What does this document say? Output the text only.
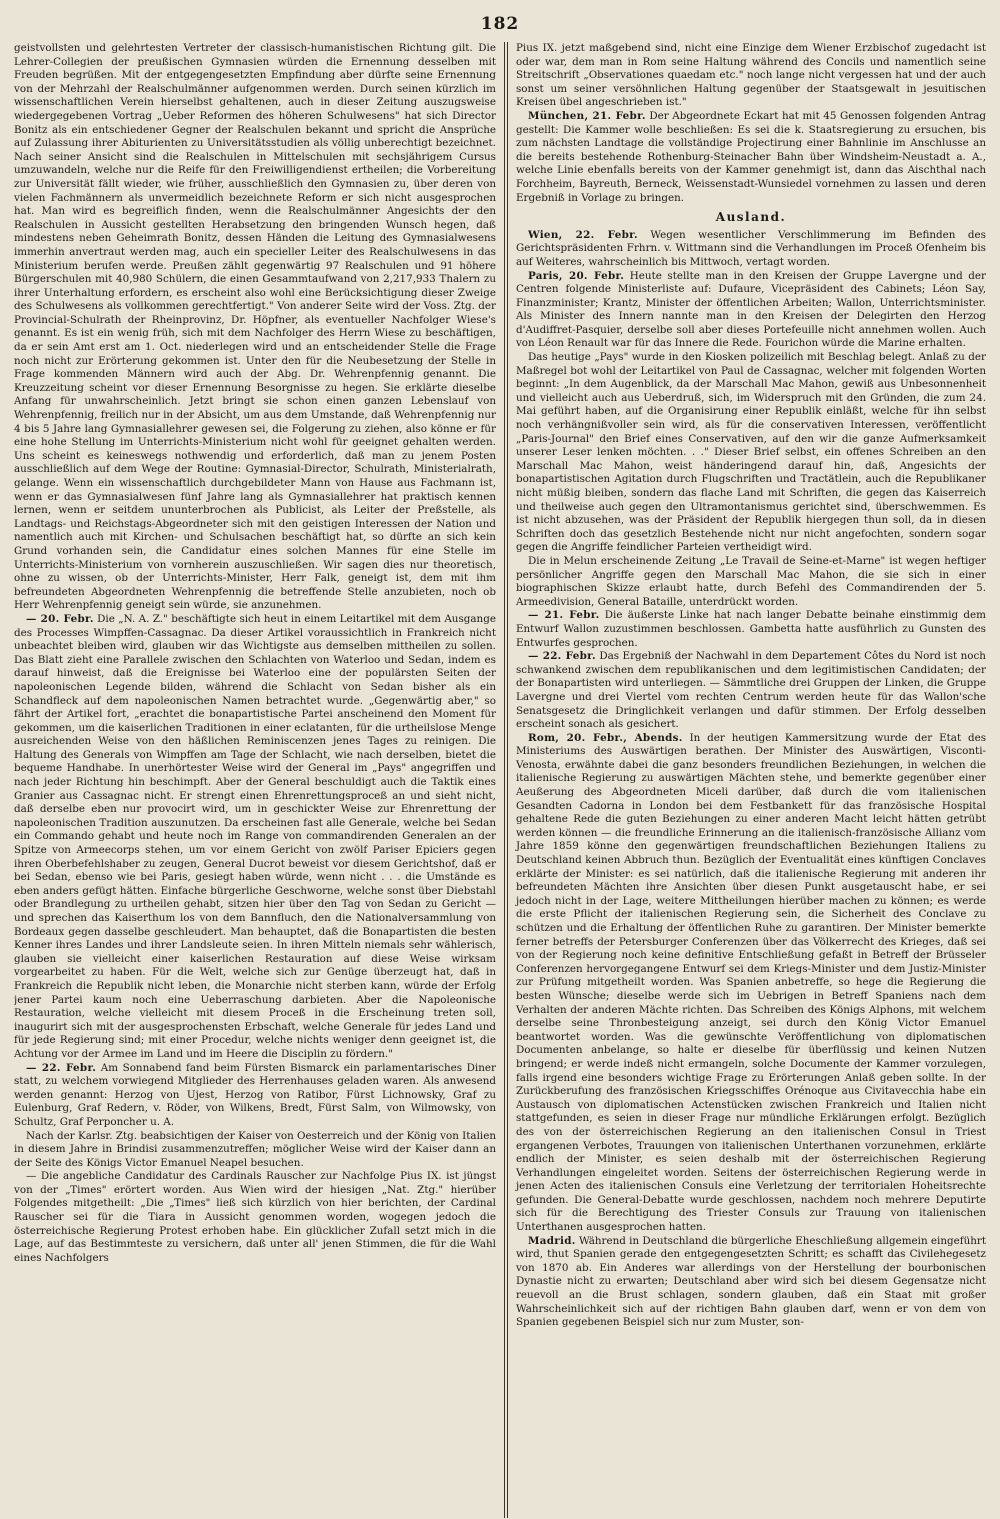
182

geistvollsten und gelehrtesten Vertreter der classisch-humanistischen Richtung gilt. Die Lehrer-Collegien der preußischen Gymnasien würden die Ernennung desselben mit Freuden begrüßen. Mit der entgegengesetzten Empfindung aber dürfte seine Ernennung von der Mehrzahl der Realschulmänner aufgenommen werden. Durch seinen kürzlich im wissenschaftlichen Verein hierselbst gehaltenen, auch in dieser Zeitung auszugsweise wiedergegebenen Vortrag „Ueber Reformen des höheren Schulwesens" hat sich Director Bonitz als ein entschiedener Gegner der Realschulen bekannt und spricht die Ansprüche auf Zulassung ihrer Abiturienten zu Universitätsstudien als völlig unberechtigt bezeichnet. Nach seiner Ansicht sind die Realschulen in Mittelschulen mit sechsjährigem Cursus umzuwandeln, welche nur die Reife für den Freiwilligendienst ertheilen; die Vorbereitung zur Universität fällt wieder, wie früher, ausschließlich den Gymnasien zu, über deren von vielen Fachmännern als unvermeidlich bezeichnete Reform er sich nicht ausgesprochen hat. Man wird es begreiflich finden, wenn die Realschulmänner Angesichts der den Realschulen in Aussicht gestellten Herabsetzung den bringenden Wunsch hegen, daß mindestens neben Geheimrath Bonitz, dessen Händen die Leitung des Gymnasialwesens immerhin anvertraut werden mag, auch ein specieller Leiter des Realschulwesens in das Ministerium berufen werde. Preußen zählt gegenwärtig 97 Realschulen und 91 höhere Bürgerschulen mit 40,980 Schülern, die einen Gesammtaufwand von 2,217,933 Thalern zu ihrer Unterhaltung erfordern, es erscheint also wohl eine Berücksichtigung dieser Zweige des Schulwesens als vollkommen gerechtfertigt." Von anderer Seite wird der Voss. Ztg. der Provincial-Schulrath der Rheinprovinz, Dr. Höpfner, als eventueller Nachfolger Wiese's genannt. Es ist ein wenig früh, sich mit dem Nachfolger des Herrn Wiese zu beschäftigen, da er sein Amt erst am 1. Oct. niederlegen wird und an entscheidender Stelle die Frage noch nicht zur Erörterung gekommen ist. Unter den für die Neubesetzung der Stelle in Frage kommenden Männern wird auch der Abg. Dr. Wehrenpfennig genannt. Die Kreuzzeitung scheint vor dieser Ernennung Besorgnisse zu hegen. Sie erklärte dieselbe Anfang für unwahrscheinlich. Jetzt bringt sie schon einen ganzen Lebenslauf von Wehrenpfennig, freilich nur in der Absicht, um aus dem Umstande, daß Wehrenpfennig nur 4 bis 5 Jahre lang Gymnasiallehrer gewesen sei, die Folgerung zu ziehen, also könne er für eine hohe Stellung im Unterrichts-Ministerium nicht wohl für geeignet gehalten werden. Uns scheint es keineswegs nothwendig und erforderlich, daß man zu jenem Posten ausschließlich auf dem Wege der Routine: Gymnasial-Director, Schulrath, Ministerialrath, gelange. Wenn ein wissenschaftlich durchgebildeter Mann von Hause aus Fachmann ist, wenn er das Gymnasialwesen fünf Jahre lang als Gymnasiallehrer hat praktisch kennen lernen, wenn er seitdem ununterbrochen als Publicist, als Leiter der Preßstelle, als Landtags- und Reichstags-Abgeordneter sich mit den geistigen Interessen der Nation und namentlich auch mit Kirchen- und Schulsachen beschäftigt hat, so dürfte an sich kein Grund vorhanden sein, die Candidatur eines solchen Mannes für eine Stelle im Unterrichts-Ministerium von vornherein auszuschließen. Wir sagen dies nur theoretisch, ohne zu wissen, ob der Unterrichts-Minister, Herr Falk, geneigt ist, dem mit ihm befreundeten Abgeordneten Wehrenpfennig die betreffende Stelle anzubieten, noch ob Herr Wehrenpfennig geneigt sein würde, sie anzunehmen.

— 20. Febr. Die „N. A. Z." beschäftigte sich heut in einem Leitartikel mit dem Ausgange des Processes Wimpffen-Cassagnac. Da dieser Artikel voraussichtlich in Frankreich nicht unbeachtet bleiben wird, glauben wir das Wichtigste aus demselben mittheilen zu sollen. Das Blatt zieht eine Parallele zwischen den Schlachten von Waterloo und Sedan, indem es darauf hinweist, daß die Ereignisse bei Waterloo eine der populärsten Seiten der napoleonischen Legende bilden, während die Schlacht von Sedan bisher als ein Schandfleck auf dem napoleonischen Namen betrachtet wurde. „Gegenwärtig aber," so fährt der Artikel fort, „erachtet die bonapartistische Partei anscheinend den Moment für gekommen, um die kaiserlichen Traditionen in einer eclatanten, für die urtheilslose Menge ausreichenden Weise von den häßlichen Reminiscenzen jenes Tages zu reinigen. Die Haltung des Generals von Wimpffen am Tage der Schlacht, wie nach derselben, bietet die bequeme Handhabe. In unerhörtester Weise wird der General im „Pays" angegriffen und nach jeder Richtung hin beschimpft. Aber der General beschuldigt auch die Taktik eines Granier aus Cassagnac nicht. Er strengt einen Ehrenrettungsproceß an und sieht nicht, daß derselbe eben nur provocirt wird, um in geschickter Weise zur Ehrenrettung der napoleonischen Tradition auszunutzen. Da erscheinen fast alle Generale, welche bei Sedan ein Commando gehabt und heute noch im Range von commandirenden Generalen an der Spitze von Armeecorps stehen, um vor einem Gericht von zwölf Pariser Epiciers gegen ihren Oberbefehlshaber zu zeugen, General Ducrot beweist vor diesem Gerichtshof, daß er bei Sedan, ebenso wie bei Paris, gesiegt haben würde, wenn nicht . . . die Umstände es eben anders gefügt hätten. Einfache bürgerliche Geschworne, welche sonst über Diebstahl oder Brandlegung zu urtheilen gehabt, sitzen hier über den Tag von Sedan zu Gericht — und sprechen das Kaiserthum los von dem Bannfluch, den die Nationalversammlung von Bordeaux gegen dasselbe geschleudert. Man behauptet, daß die Bonapartisten die besten Kenner ihres Landes und ihrer Landsleute seien. In ihren Mitteln niemals sehr wählerisch, glauben sie vielleicht einer kaiserlichen Restauration auf diese Weise wirksam vorgearbeitet zu haben. Für die Welt, welche sich zur Genüge überzeugt hat, daß in Frankreich die Republik nicht leben, die Monarchie nicht sterben kann, würde der Erfolg jener Partei kaum noch eine Ueberraschung darbieten. Aber die Napoleonische Restauration, welche vielleicht mit diesem Proceß in die Erscheinung treten soll, inaugurirt sich mit der ausgesprochensten Erbschaft, welche Generale für jedes Land und für jede Regierung sind; mit einer Procedur, welche nichts weniger denn geeignet ist, die Achtung vor der Armee im Land und im Heere die Disciplin zu fördern."

— 22. Febr. Am Sonnabend fand beim Fürsten Bismarck ein parlamentarisches Diner statt, zu welchem vorwiegend Mitglieder des Herrenhauses geladen waren. Als anwesend werden genannt: Herzog von Ujest, Herzog von Ratibor, Fürst Lichnowsky, Graf zu Eulenburg, Graf Redern, v. Röder, von Wilkens, Bredt, Fürst Salm, von Wilmowsky, von Schultz, Graf Perponcher u. A.

Nach der Karlsr. Ztg. beabsichtigen der Kaiser von Oesterreich und der König von Italien in diesem Jahre in Brindisi zusammenzutreffen; möglicher Weise wird der Kaiser dann an der Seite des Königs Victor Emanuel Neapel besuchen.

— Die angebliche Candidatur des Cardinals Rauscher zur Nachfolge Pius IX. ist jüngst von der „Times" erörtert worden. Aus Wien wird der hiesigen „Nat. Ztg." hierüber Folgendes mitgetheilt: „Die „Times" ließ sich kürzlich von hier berichten, der Cardinal Rauscher sei für die Tiara in Aussicht genommen worden, wogegen jedoch die österreichische Regierung Protest erhoben habe. Ein glücklicher Zufall setzt mich in die Lage, auf das Bestimmteste zu versichern, daß unter all' jenen Stimmen, die für die Wahl eines Nachfolgers

Pius IX. jetzt maßgebend sind, nicht eine Einzige dem Wiener Erzbischof zugedacht ist oder war, dem man in Rom seine Haltung während des Concils und namentlich seine Streitschrift „Observationes quaedam etc." noch lange nicht vergessen hat und der auch sonst um seiner versöhnlichen Haltung gegenüber der Staatsgewalt in jesuitischen Kreisen übel angeschrieben ist."

München, 21. Febr. Der Abgeordnete Eckart hat mit 45 Genossen folgenden Antrag gestellt: Die Kammer wolle beschließen: Es sei die k. Staatsregierung zu ersuchen, bis zum nächsten Landtage die vollständige Projectirung einer Bahnlinie im Anschlusse an die bereits bestehende Rothenburg-Steinacher Bahn über Windsheim-Neustadt a. A., welche Linie ebenfalls bereits von der Kammer genehmigt ist, dann das Aischthal nach Forchheim, Bayreuth, Berneck, Weissenstadt-Wunsiedel vornehmen zu lassen und deren Ergebniß in Vorlage zu bringen.

Ausland.

Wien, 22. Febr. Wegen wesentlicher Verschlimmerung im Befinden des Gerichtspräsidenten Frhrn. v. Wittmann sind die Verhandlungen im Proceß Ofenheim bis auf Weiteres, wahrscheinlich bis Mittwoch, vertagt worden.

Paris, 20. Febr. Heute stellte man in den Kreisen der Gruppe Lavergne und der Centren folgende Ministerliste auf: Dufaure, Vicepräsident des Cabinets; Léon Say, Finanzminister; Krantz, Minister der öffentlichen Arbeiten; Wallon, Unterrichtsminister. Als Minister des Innern nannte man in den Kreisen der Delegirten den Herzog d'Audiffret-Pasquier, derselbe soll aber dieses Portefeuille nicht annehmen wollen. Auch von Léon Renault war für das Innere die Rede. Fourichon würde die Marine erhalten.

Das heutige „Pays" wurde in den Kiosken polizeilich mit Beschlag belegt. Anlaß zu der Maßregel bot wohl der Leitartikel von Paul de Cassagnac, welcher mit folgenden Worten beginnt: „In dem Augenblick, da der Marschall Mac Mahon, gewiß aus Unbesonnenheit und vielleicht auch aus Ueberdruß, sich, im Widerspruch mit den Gründen, die zum 24. Mai geführt haben, auf die Organisirung einer Republik einläßt, welche für ihn selbst noch verhängnißvoller sein wird, als für die conservativen Interessen, veröffentlicht „Paris-Journal" den Brief eines Conservativen, auf den wir die ganze Aufmerksamkeit unserer Leser lenken möchten. . ." Dieser Brief selbst, ein offenes Schreiben an den Marschall Mac Mahon, weist händeringend darauf hin, daß, Angesichts der bonapartistischen Agitation durch Flugschriften und Tractätlein, auch die Republikaner nicht müßig bleiben, sondern das flache Land mit Schriften, die gegen das Kaiserreich und theilweise auch gegen den Ultramontanismus gerichtet sind, überschwemmen. Es ist nicht abzusehen, was der Präsident der Republik hiergegen thun soll, da in diesen Schriften doch das gesetzlich Bestehende nicht nur nicht angefochten, sondern sogar gegen die Angriffe feindlicher Parteien vertheidigt wird.

Die in Melun erscheinende Zeitung „Le Travail de Seine-et-Marne" ist wegen heftiger persönlicher Angriffe gegen den Marschall Mac Mahon, die sie sich in einer biographischen Skizze erlaubt hatte, durch Befehl des Commandirenden der 5. Armeedivision, General Bataille, unterdrückt worden.

— 21. Febr. Die äußerste Linke hat nach langer Debatte beinahe einstimmig dem Entwurf Wallon zuzustimmen beschlossen. Gambetta hatte ausführlich zu Gunsten des Entwurfes gesprochen.

— 22. Febr. Das Ergebniß der Nachwahl in dem Departement Côtes du Nord ist noch schwankend zwischen dem republikanischen und dem legitimistischen Candidaten; der der Bonapartisten wird unterliegen. — Sämmtliche drei Gruppen der Linken, die Gruppe Lavergne und drei Viertel vom rechten Centrum werden heute für das Wallon'sche Senatsgesetz die Dringlichkeit verlangen und dafür stimmen. Der Erfolg desselben erscheint sonach als gesichert.

Rom, 20. Febr., Abends. In der heutigen Kammersitzung wurde der Etat des Ministeriums des Auswärtigen berathen. Der Minister des Auswärtigen, Visconti-Venosta, erwähnte dabei die ganz besonders freundlichen Beziehungen, in welchen die italienische Regierung zu auswärtigen Mächten stehe, und bemerkte gegenüber einer Aeußerung des Abgeordneten Miceli darüber, daß durch die vom italienischen Gesandten Cadorna in London bei dem Festbankett für das französische Hospital gehaltene Rede die guten Beziehungen zu einer anderen Macht leicht hätten getrübt werden können — die freundliche Erinnerung an die italienisch-französische Allianz vom Jahre 1859 könne den gegenwärtigen freundschaftlichen Beziehungen Italiens zu Deutschland keinen Abbruch thun. Bezüglich der Eventualität eines künftigen Conclaves erklärte der Minister: es sei natürlich, daß die italienische Regierung mit anderen ihr befreundeten Mächten ihre Ansichten über diesen Punkt ausgetauscht habe, er sei jedoch nicht in der Lage, weitere Mittheilungen hierüber machen zu können; es werde die erste Pflicht der italienischen Regierung sein, die Sicherheit des Conclave zu schützen und die Erhaltung der öffentlichen Ruhe zu garantiren. Der Minister bemerkte ferner betreffs der Petersburger Conferenzen über das Völkerrecht des Krieges, daß sei von der Regierung noch keine definitive Entschließung gefaßt in Betreff der Brüsseler Conferenzen hervorgegangene Entwurf sei dem Kriegs-Minister und dem Justiz-Minister zur Prüfung mitgetheilt worden. Was Spanien anbetreffe, so hege die Regierung die besten Wünsche; dieselbe werde sich im Uebrigen in Betreff Spaniens nach dem Verhalten der anderen Mächte richten. Das Schreiben des Königs Alphons, mit welchem derselbe seine Thronbesteigung anzeigt, sei durch den König Victor Emanuel beantwortet worden. Was die gewünschte Veröffentlichung von diplomatischen Documenten anbelange, so halte er dieselbe für überflüssig und keinen Nutzen bringend; er werde indeß nicht ermangeln, solche Documente der Kammer vorzulegen, falls irgend eine besonders wichtige Frage zu Erörterungen Anlaß geben sollte. In der Zurückberufung des französischen Kriegsschiffes Orénoque aus Civitavecchia habe ein Austausch von diplomatischen Actenstücken zwischen Frankreich und Italien nicht stattgefunden, es seien in dieser Frage nur mündliche Erklärungen erfolgt. Bezüglich des von der österreichischen Regierung an den italienischen Consul in Triest ergangenen Verbotes, Trauungen von italienischen Unterthanen vorzunehmen, erklärte endlich der Minister, es seien deshalb mit der österreichischen Regierung Verhandlungen eingeleitet worden. Seitens der österreichischen Regierung werde in jenen Acten des italienischen Consuls eine Verletzung der territorialen Hoheitsrechte gefunden. Die General-Debatte wurde geschlossen, nachdem noch mehrere Deputirte sich für die Berechtigung des Triester Consuls zur Trauung von italienischen Unterthanen ausgesprochen hatten.

Madrid. Während in Deutschland die bürgerliche Eheschließung allgemein eingeführt wird, thut Spanien gerade den entgegengesetzten Schritt; es schafft das Civilehegesetz von 1870 ab. Ein Anderes war allerdings von der Herstellung der bourbonischen Dynastie nicht zu erwarten; Deutschland aber wird sich bei diesem Gegensatze nicht reuevoll an die Brust schlagen, sondern glauben, daß ein Staat mit großer Wahrscheinlichkeit sich auf der richtigen Bahn glauben darf, wenn er von dem von Spanien gegebenen Beispiel sich nur zum Muster, son-
